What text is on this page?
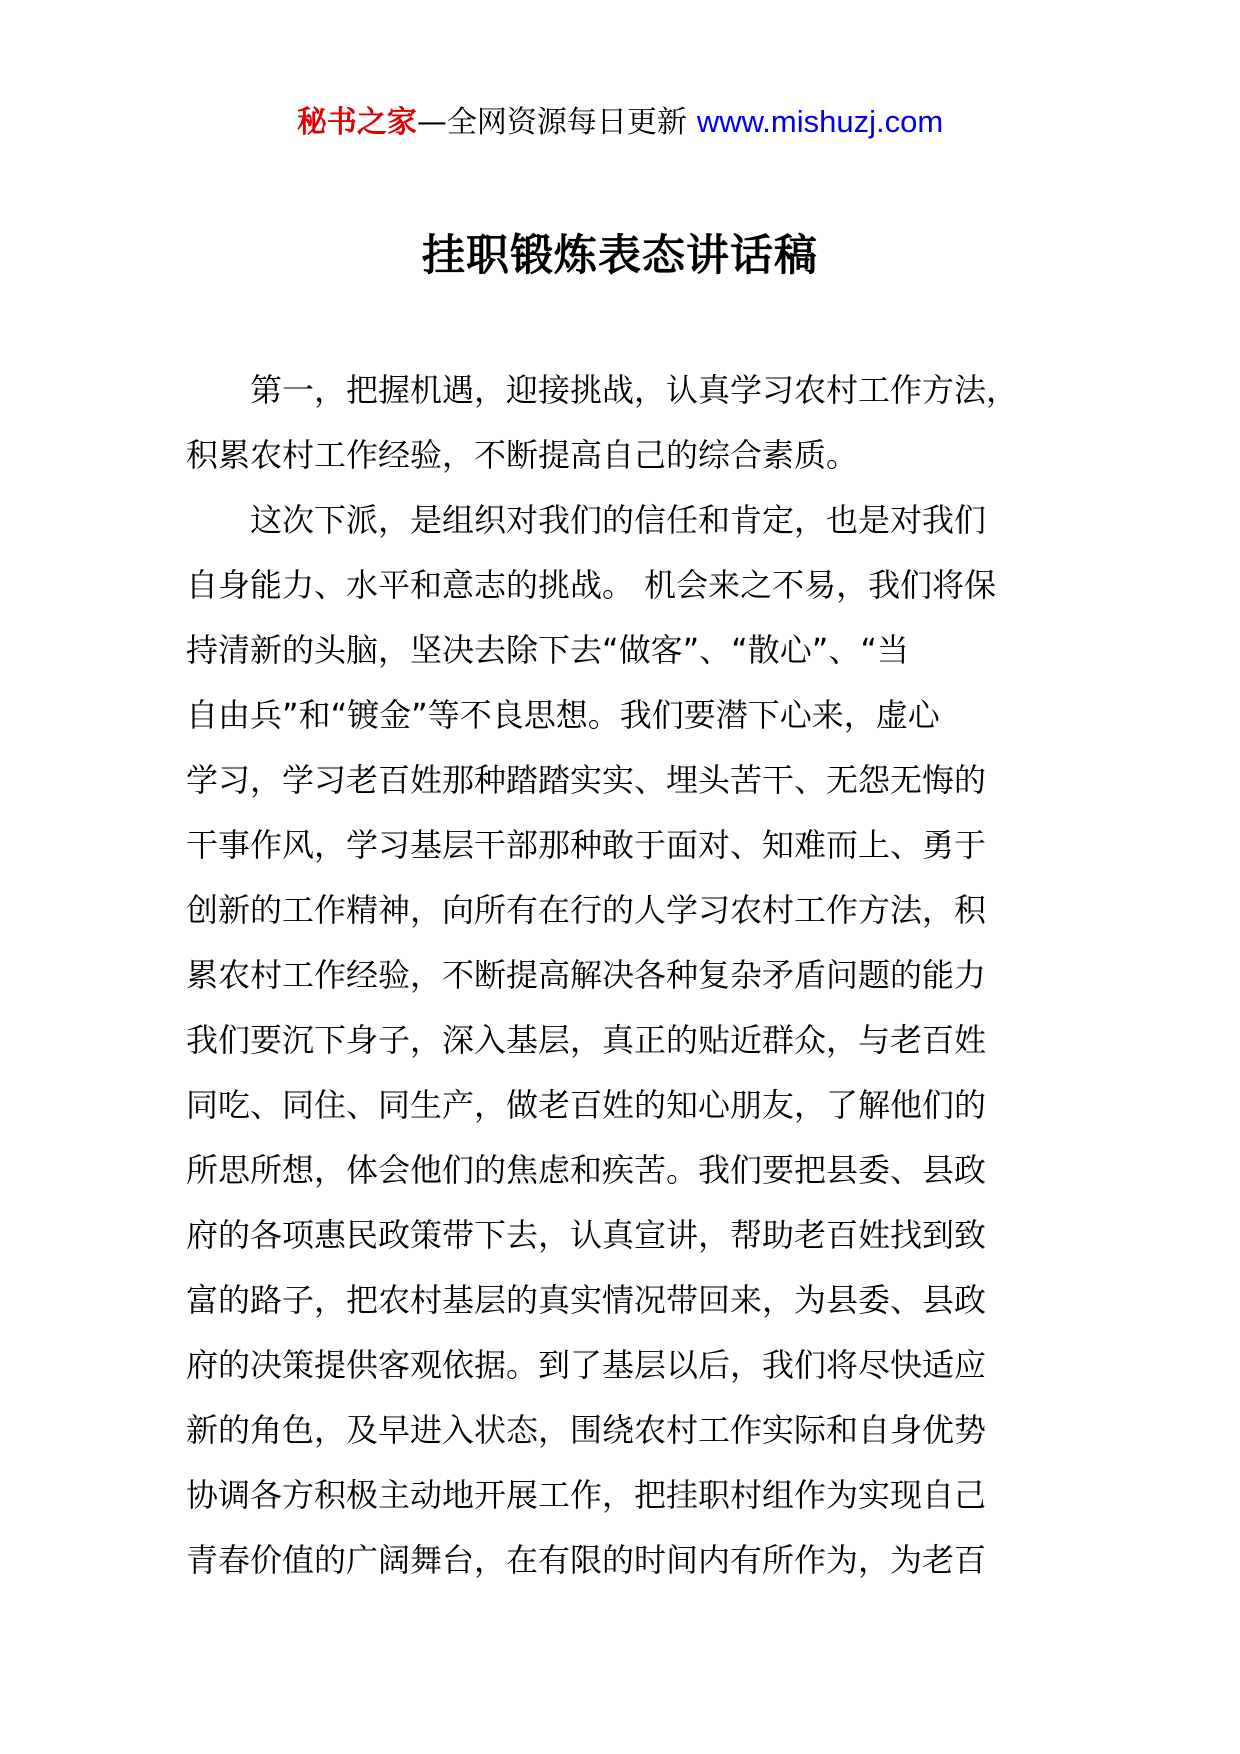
秘书之家—全网资源每日更新 www.mishuzj.com
挂职锻炼表态讲话稿

第一，把握机遇，迎接挑战，认真学习农村工作方法，
积累农村工作经验，不断提高自己的综合素质。

这次下派，是组织对我们的信任和肯定，也是对我们
自身能力、水平和意志的挑战。 机会来之不易，我们将保
持清新的头脑，坚决去除下去“做客”、“散心”、“当
自由兵”和“镀金”等不良思想。我们要潜下心来，虚心
学习，学习老百姓那种踏踏实实、埋头苦干、无怨无悔的
干事作风，学习基层干部那种敢于面对、知难而上、勇于
创新的工作精神，向所有在行的人学习农村工作方法，积
累农村工作经验，不断提高解决各种复杂矛盾问题的能力
我们要沉下身子，深入基层，真正的贴近群众，与老百姓
同吃、同住、同生产，做老百姓的知心朋友，了解他们的
所思所想，体会他们的焦虑和疾苦。我们要把县委、县政
府的各项惠民政策带下去，认真宣讲，帮助老百姓找到致
富的路子，把农村基层的真实情况带回来，为县委、县政
府的决策提供客观依据。到了基层以后，我们将尽快适应
新的角色，及早进入状态，围绕农村工作实际和自身优势
协调各方积极主动地开展工作，把挂职村组作为实现自己
青春价值的广阔舞台，在有限的时间内有所作为，为老百
